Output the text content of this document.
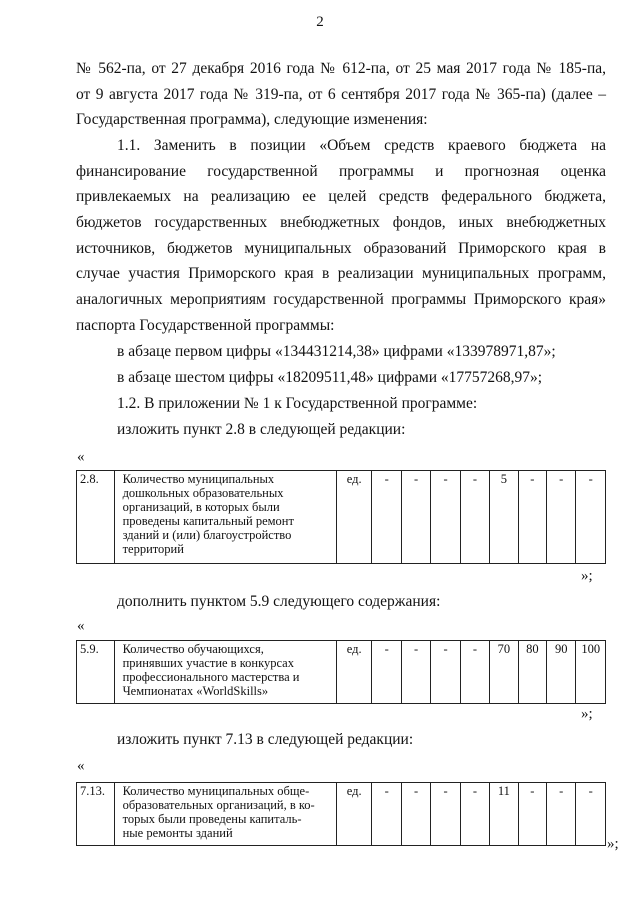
2
№ 562-па, от 27 декабря 2016 года № 612-па, от 25 мая 2017 года № 185-па,
от 9 августа 2017 года № 319-па, от 6 сентября 2017 года № 365-па) (далее –
Государственная программа), следующие изменения:
1.1. Заменить в позиции «Объем средств краевого бюджета на
финансирование государственной программы и прогнозная оценка
привлекаемых на реализацию ее целей средств федерального бюджета,
бюджетов государственных внебюджетных фондов, иных внебюджетных
источников, бюджетов муниципальных образований Приморского края в
случае участия Приморского края в реализации муниципальных программ,
аналогичных мероприятиям государственной программы Приморского края»
паспорта Государственной программы:
в абзаце первом цифры «134431214,38» цифрами «133978971,87»;
в абзаце шестом цифры «18209511,48» цифрами «17757268,97»;
1.2. В приложении № 1 к Государственной программе:
изложить пункт 2.8 в следующей редакции:
«
2.8.	Количество муниципальных
дошкольных образовательных
организаций, в которых были
проведены капитальный ремонт
зданий и (или) благоустройство
территорий
	ед.	-	-	-	-	5	-	-	-
»;
дополнить пунктом 5.9 следующего содержания:
«
5.9.	Количество обучающихся,
принявших участие в конкурсах
профессионального мастерства и
Чемпионатах «WorldSkills»
	ед.	-	-	-	-	70	80	90	100
»;
изложить пункт 7.13 в следующей редакции:
«
7.13.	Количество муниципальных обще-
образовательных организаций, в ко-
торых были проведены капиталь-
ные ремонты зданий
	ед.	-	-	-	-	11	-	-	-
»;
